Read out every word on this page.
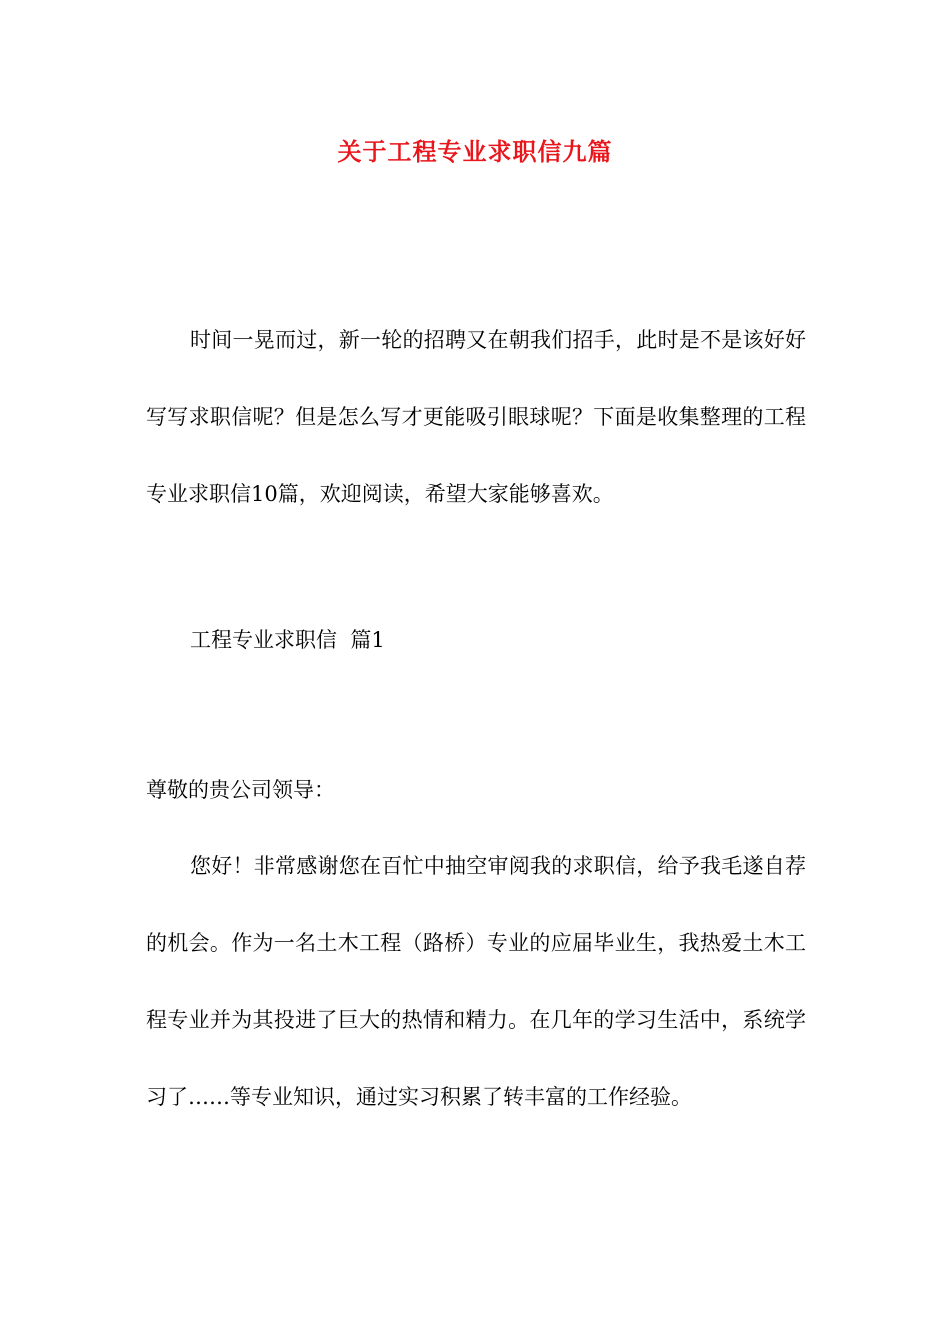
关于工程专业求职信九篇
时间一晃而过，新一轮的招聘又在朝我们招手，此时是不是该好好写写求职信呢？但是怎么写才更能吸引眼球呢？下面是收集整理的工程专业求职信10篇，欢迎阅读，希望大家能够喜欢。
工程专业求职信  篇1
尊敬的贵公司领导：
您好！非常感谢您在百忙中抽空审阅我的求职信，给予我毛遂自荐的机会。作为一名土木工程（路桥）专业的应届毕业生，我热爱土木工程专业并为其投进了巨大的热情和精力。在几年的学习生活中，系统学习了……等专业知识，通过实习积累了转丰富的工作经验。
